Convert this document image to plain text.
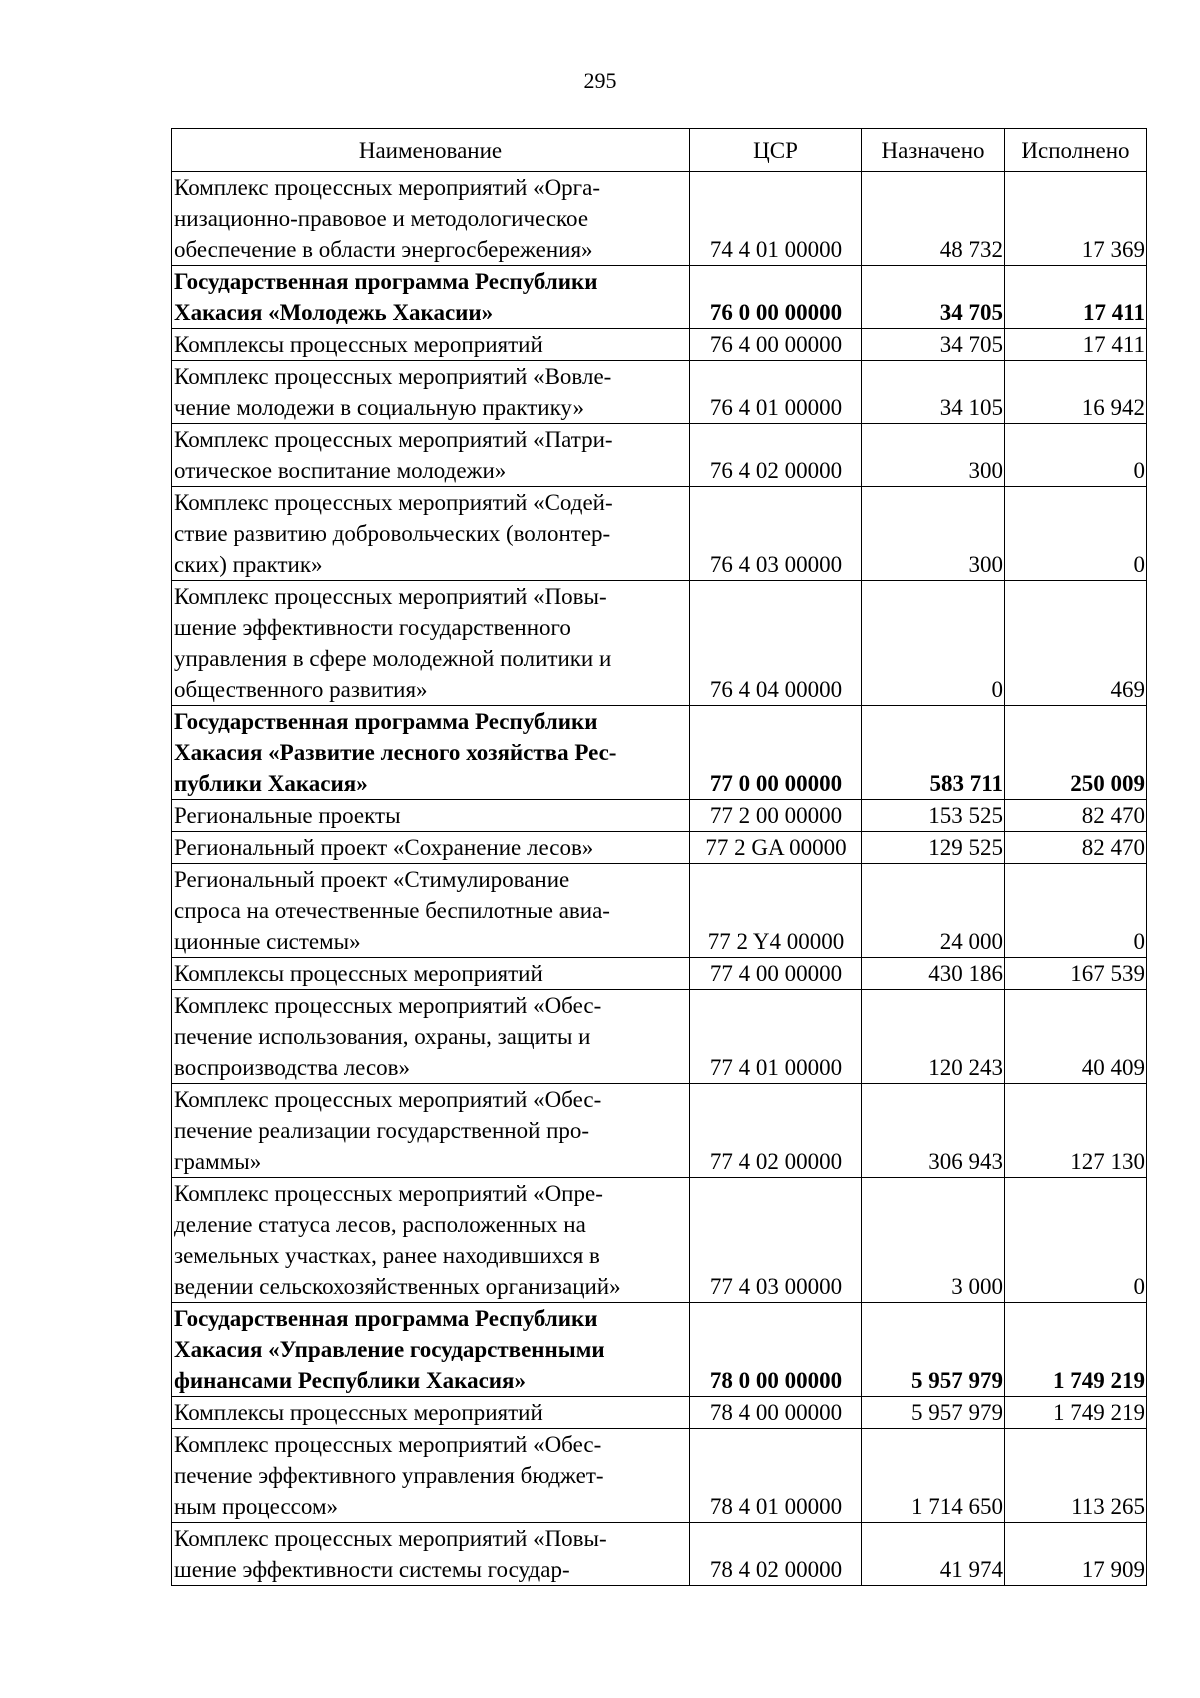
295
Наименование	ЦСР	Назначено	Исполнено
Комплекс процессных мероприятий «Орга-
низационно-правовое и методологическое
обеспечение в области энергосбережения»	74 4 01 00000	48 732	17 369
Государственная программа Республики
Хакасия «Молодежь Хакасии»	76 0 00 00000	34 705	17 411
Комплексы процессных мероприятий	76 4 00 00000	34 705	17 411
Комплекс процессных мероприятий «Вовле-
чение молодежи в социальную практику»	76 4 01 00000	34 105	16 942
Комплекс процессных мероприятий «Патри-
отическое воспитание молодежи»	76 4 02 00000	300	0
Комплекс процессных мероприятий «Содей-
ствие развитию добровольческих (волонтер-
ских) практик»	76 4 03 00000	300	0
Комплекс процессных мероприятий «Повы-
шение эффективности государственного
управления в сфере молодежной политики и
общественного развития»	76 4 04 00000	0	469
Государственная программа Республики
Хакасия «Развитие лесного хозяйства Рес-
публики Хакасия»	77 0 00 00000	583 711	250 009
Региональные проекты	77 2 00 00000	153 525	82 470
Региональный проект «Сохранение лесов»	77 2 GA 00000	129 525	82 470
Региональный проект «Стимулирование
спроса на отечественные беспилотные авиа-
ционные системы»	77 2 Y4 00000	24 000	0
Комплексы процессных мероприятий	77 4 00 00000	430 186	167 539
Комплекс процессных мероприятий «Обес-
печение использования, охраны, защиты и
воспроизводства лесов»	77 4 01 00000	120 243	40 409
Комплекс процессных мероприятий «Обес-
печение реализации государственной про-
граммы»	77 4 02 00000	306 943	127 130
Комплекс процессных мероприятий «Опре-
деление статуса лесов, расположенных на
земельных участках, ранее находившихся в
ведении сельскохозяйственных организаций»	77 4 03 00000	3 000	0
Государственная программа Республики
Хакасия «Управление государственными
финансами Республики Хакасия»	78 0 00 00000	5 957 979	1 749 219
Комплексы процессных мероприятий	78 4 00 00000	5 957 979	1 749 219
Комплекс процессных мероприятий «Обес-
печение эффективного управления бюджет-
ным процессом»	78 4 01 00000	1 714 650	113 265
Комплекс процессных мероприятий «Повы-
шение эффективности системы государ-	78 4 02 00000	41 974	17 909
